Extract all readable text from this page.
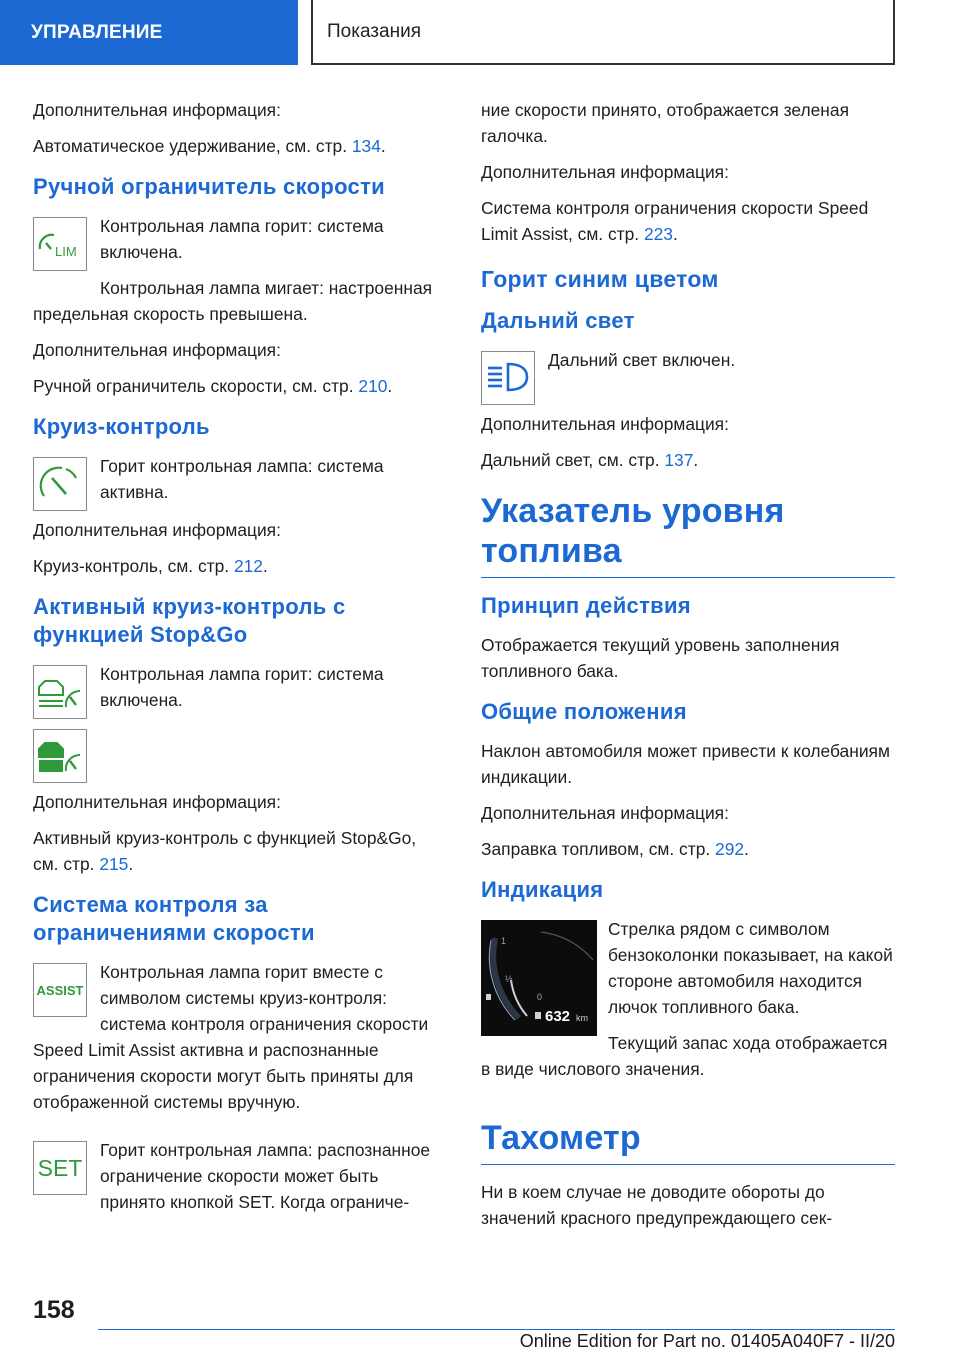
УПРАВЛЕНИЕ	Показания

Дополнительная информация:

Автоматическое удерживание, см. стр. 134.

Ручной ограничитель скорости
LIM

Контрольная лампа горит: система включена.

Контрольная лампа мигает: настроенная предельная скорость превышена.

Дополнительная информация:

Ручной ограничитель скорости, см. стр. 210.

Круиз-контроль

Горит контрольная лампа: система активна.

Дополнительная информация:

Круиз-контроль, см. стр. 212.

Активный круиз-контроль с функцией Stop&Go

Контрольная лампа горит: система включена.

Дополнительная информация:

Активный круиз-контроль с функцией Stop&Go, см. стр. 215.

Система контроля за ограничениями скорости
ASSIST

Контрольная лампа горит вместе с символом системы круиз-контроля: система контроля ограничения скорости Speed Limit Assist активна и распознанные ограничения скорости могут быть приняты для отображенной системы вручную.

SET

Горит контрольная лампа: распознанное ограничение скорости может быть принято кнопкой SET. Когда ограниче-

ние скорости принято, отображается зеленая галочка.

Дополнительная информация:

Система контроля ограничения скорости Speed Limit Assist, см. стр. 223.

Горит синим цветом
Дальний свет

Дальний свет включен.

Дополнительная информация:

Дальний свет, см. стр. 137.

Указатель уровня топлива
Принцип действия

Отображается текущий уровень заполнения топливного бака.

Общие положения

Наклон автомобиля может привести к колебаниям индикации.

Дополнительная информация:

Заправка топливом, см. стр. 292.

Индикация
1
½
0
632 km

Стрелка рядом с символом бензоколонки показывает, на какой стороне автомобиля находится лючок топливного бака.

Текущий запас хода отображается в виде числового значения.

Тахометр

Ни в коем случае не доводите обороты до значений красного предупреждающего сек-

158
Online Edition for Part no. 01405A040F7 - II/20
